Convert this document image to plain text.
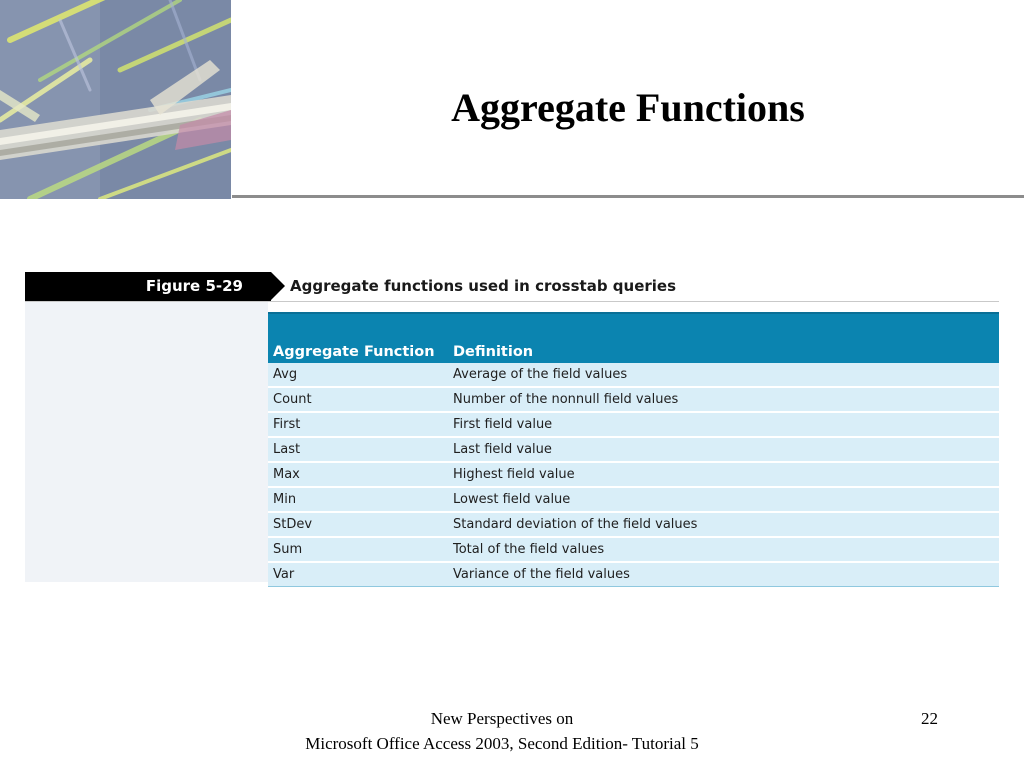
Aggregate Functions
Figure 5-29	Aggregate functions used in crosstab queries
Aggregate Function	Definition
Avg	Average of the field values
Count	Number of the nonnull field values
First	First field value
Last	Last field value
Max	Highest field value
Min	Lowest field value
StDev	Standard deviation of the field values
Sum	Total of the field values
Var	Variance of the field values
New Perspectives on
Microsoft Office Access 2003, Second Edition- Tutorial 5
22
